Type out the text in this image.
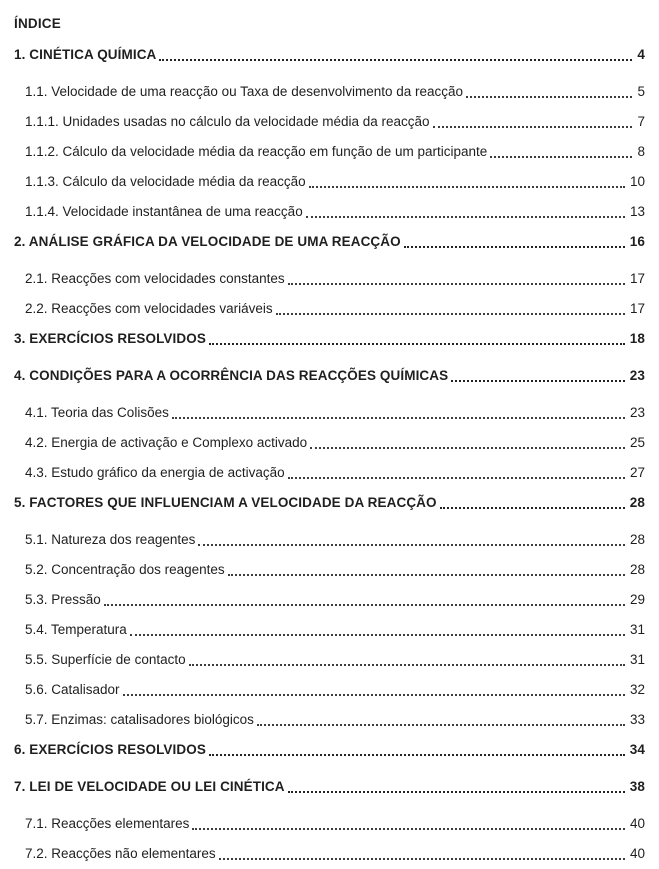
ÍNDICE
1. CINÉTICA QUÍMICA	4
1.1. Velocidade de uma reacção ou Taxa de desenvolvimento da reacção	5
1.1.1. Unidades usadas no cálculo da velocidade média da reacção	7
1.1.2. Cálculo da velocidade média da reacção em função de um participante	8
1.1.3. Cálculo da velocidade média da reacção	10
1.1.4. Velocidade instantânea de uma reacção	13
2. ANÁLISE GRÁFICA DA VELOCIDADE DE UMA REACÇÃO	16
2.1. Reacções com velocidades constantes	17
2.2. Reacções com velocidades variáveis	17
3. EXERCÍCIOS RESOLVIDOS	18
4. CONDIÇÕES PARA A OCORRÊNCIA DAS REACÇÕES QUÍMICAS	23
4.1. Teoria das Colisões	23
4.2. Energia de activação e Complexo activado	25
4.3. Estudo gráfico da energia de activação	27
5. FACTORES QUE INFLUENCIAM A VELOCIDADE DA REACÇÃO	28
5.1. Natureza dos reagentes	28
5.2. Concentração dos reagentes	28
5.3. Pressão	29
5.4. Temperatura	31
5.5. Superfície de contacto	31
5.6. Catalisador	32
5.7. Enzimas: catalisadores biológicos	33
6. EXERCÍCIOS RESOLVIDOS	34
7. LEI DE VELOCIDADE OU LEI CINÉTICA	38
7.1. Reacções elementares	40
7.2. Reacções não elementares	40
